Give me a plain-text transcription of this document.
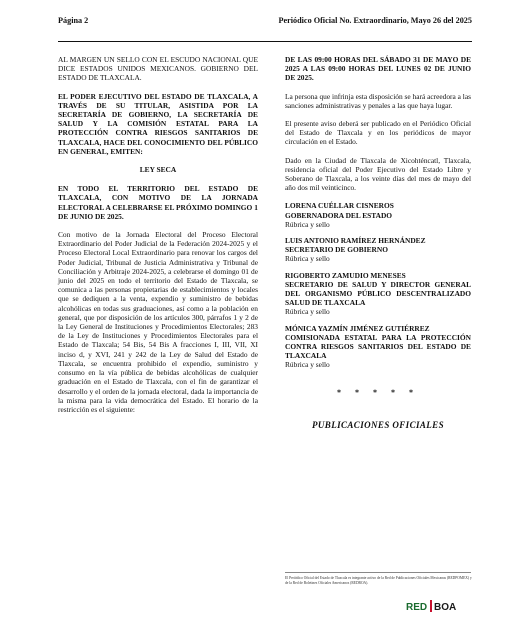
Página 2	Periódico Oficial No. Extraordinario, Mayo 26 del 2025

AL MARGEN UN SELLO CON EL ESCUDO NACIONAL QUE DICE ESTADOS UNIDOS MEXICANOS. GOBIERNO DEL ESTADO DE TLAXCALA.

EL PODER EJECUTIVO DEL ESTADO DE TLAXCALA, A TRAVÉS DE SU TITULAR, ASISTIDA POR LA SECRETARÍA DE GOBIERNO, LA SECRETARÍA DE SALUD Y LA COMISIÓN ESTATAL PARA LA PROTECCIÓN CONTRA RIESGOS SANITARIOS DE TLAXCALA, HACE DEL CONOCIMIENTO DEL PÚBLICO EN GENERAL, EMITEN:

LEY SECA

EN TODO EL TERRITORIO DEL ESTADO DE TLAXCALA, CON MOTIVO DE LA JORNADA ELECTORAL A CELEBRARSE EL PRÓXIMO DOMINGO 1 DE JUNIO DE 2025.

Con motivo de la Jornada Electoral del Proceso Electoral Extraordinario del Poder Judicial de la Federación 2024-2025 y el Proceso Electoral Local Extraordinario para renovar los cargos del Poder Judicial, Tribunal de Justicia Administrativa y Tribunal de Conciliación y Arbitraje 2024-2025, a celebrarse el domingo 01 de junio del 2025 en todo el territorio del Estado de Tlaxcala, se comunica a las personas propietarias de establecimientos y locales que se dediquen a la venta, expendio y suministro de bebidas alcohólicas en todas sus graduaciones, así como a la población en general, que por disposición de los artículos 300, párrafos 1 y 2 de la Ley General de Instituciones y Procedimientos Electorales; 283 de la Ley de Instituciones y Procedimientos Electorales para el Estado de Tlaxcala; 54 Bis, 54 Bis A fracciones I, III, VII, XI inciso d, y XVI, 241 y 242 de la Ley de Salud del Estado de Tlaxcala, se encuentra prohibido el expendio, suministro y consumo en la vía pública de bebidas alcohólicas de cualquier graduación en el Estado de Tlaxcala, con el fin de garantizar el desarrollo y el orden de la jornada electoral, dada la importancia de la misma para la vida democrática del Estado. El horario de la restricción es el siguiente:

DE LAS 09:00 HORAS DEL SÁBADO 31 DE MAYO DE 2025 A LAS 09:00 HORAS DEL LUNES 02 DE JUNIO DE 2025.

La persona que infrinja esta disposición se hará acreedora a las sanciones administrativas y penales a las que haya lugar.

El presente aviso deberá ser publicado en el Periódico Oficial del Estado de Tlaxcala y en los periódicos de mayor circulación en el Estado.

Dado en la Ciudad de Tlaxcala de Xicohténcatl, Tlaxcala, residencia oficial del Poder Ejecutivo del Estado Libre y Soberano de Tlaxcala, a los veinte días del mes de mayo del año dos mil veinticinco.

LORENA CUÉLLAR CISNEROS
GOBERNADORA DEL ESTADO
Rúbrica y sello
LUIS ANTONIO RAMÍREZ HERNÁNDEZ
SECRETARIO DE GOBIERNO
Rúbrica y sello
RIGOBERTO ZAMUDIO MENESES
SECRETARIO DE SALUD Y DIRECTOR GENERAL DEL ORGANISMO PÚBLICO DESCENTRALIZADO SALUD DE TLAXCALA
Rúbrica y sello
MÓNICA YAZMÍN JIMÉNEZ GUTIÉRREZ
COMISIONADA ESTATAL PARA LA PROTECCIÓN CONTRA RIESGOS SANITARIOS DEL ESTADO DE TLAXCALA
Rúbrica y sello
* * * * *
PUBLICACIONES OFICIALES
El Periódico Oficial del Estado de Tlaxcala es integrante activo de la Red de Publicaciones Oficiales Mexicanas (REDPOMEX) y de la Red de Boletines Oficiales Americanos (REDBOA).
RED BOA
